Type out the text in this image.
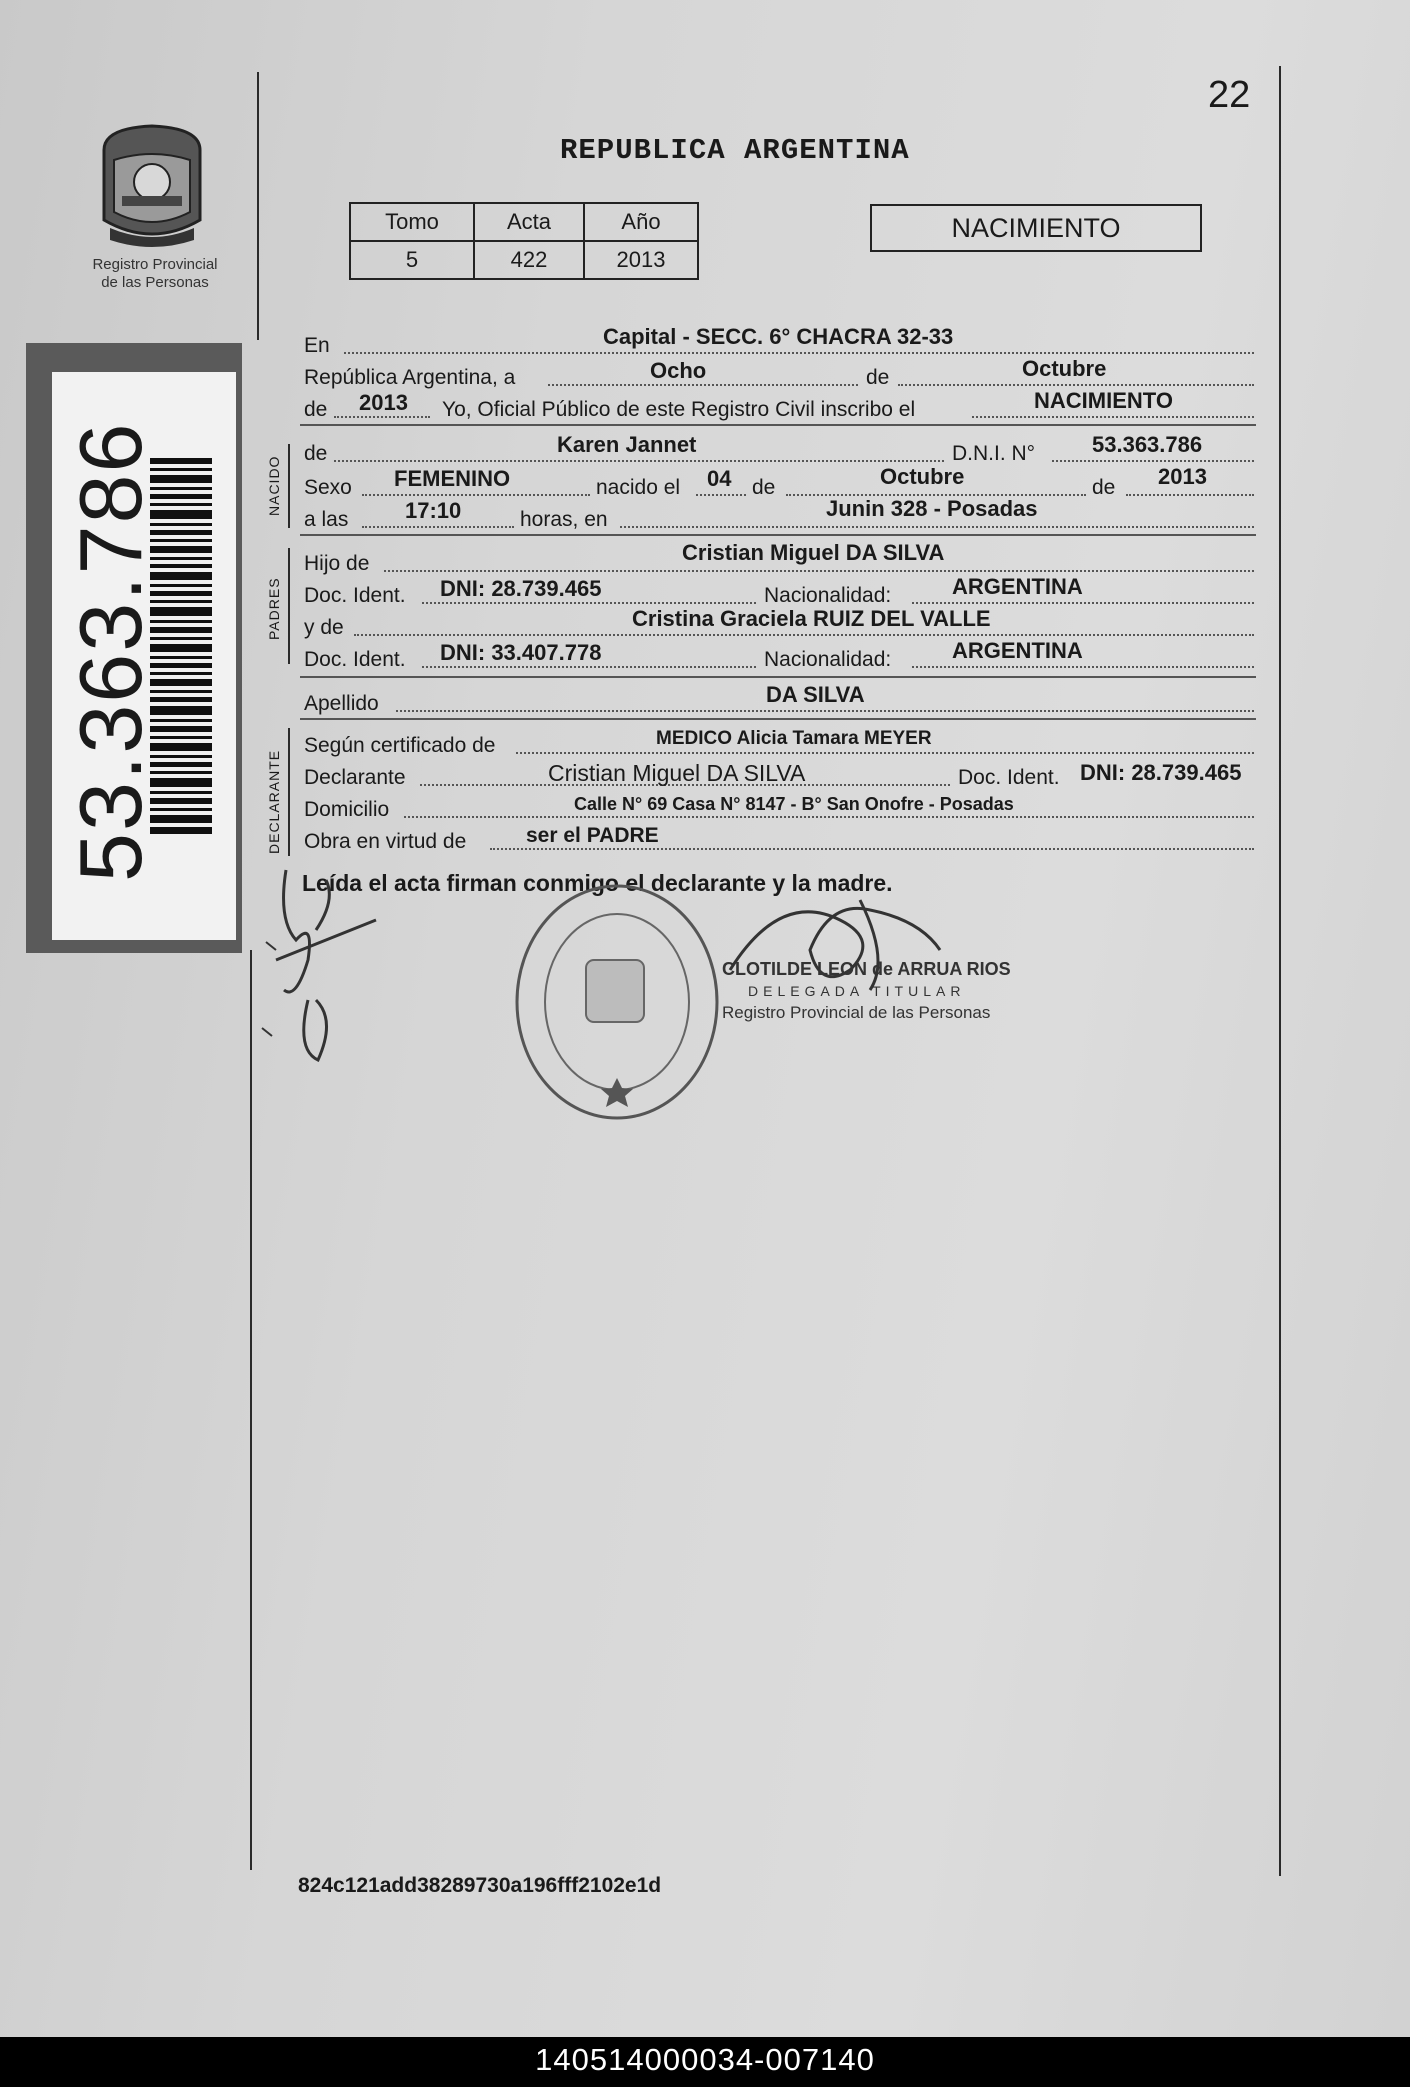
22
REPUBLICA ARGENTINA
Registro Provincial
de las Personas
Tomo	Acta	Año
5	422	2013
NACIMIENTO
53.363.786	NACIDO
PADRES
DECLARANTE
En	Capital - SECC. 6° CHACRA 32-33
República Argentina, a	Ocho	de	Octubre
de 2013 Yo, Oficial Público de este Registro Civil inscribo el	NACIMIENTO
de	Karen Jannet	D.N.I. N°	53.363.786
Sexo FEMENINO	nacido el 04 de	Octubre	de 2013
a las	17:10	horas, en	Junin 328 - Posadas
Hijo de	Cristian Miguel DA SILVA
Doc. Ident. DNI: 28.739.465	Nacionalidad:	ARGENTINA
y de	Cristina Graciela RUIZ DEL VALLE
Doc. Ident. DNI: 33.407.778	Nacionalidad:	ARGENTINA
Apellido	DA SILVA
Según certificado de	MEDICO Alicia Tamara MEYER
Declarante	Cristian Miguel DA SILVA	Doc. Ident. DNI: 28.739.465
Domicilio	Calle N° 69 Casa N° 8147 - B° San Onofre - Posadas
Obra en virtud de	ser el PADRE
Leída el acta firman conmigo el declarante y la madre.
CLOTILDE LEON de ARRUA RIOS
DELEGADA TITULAR
Registro Provincial de las Personas
824c121add38289730a196fff2102e1d
140514000034-007140
